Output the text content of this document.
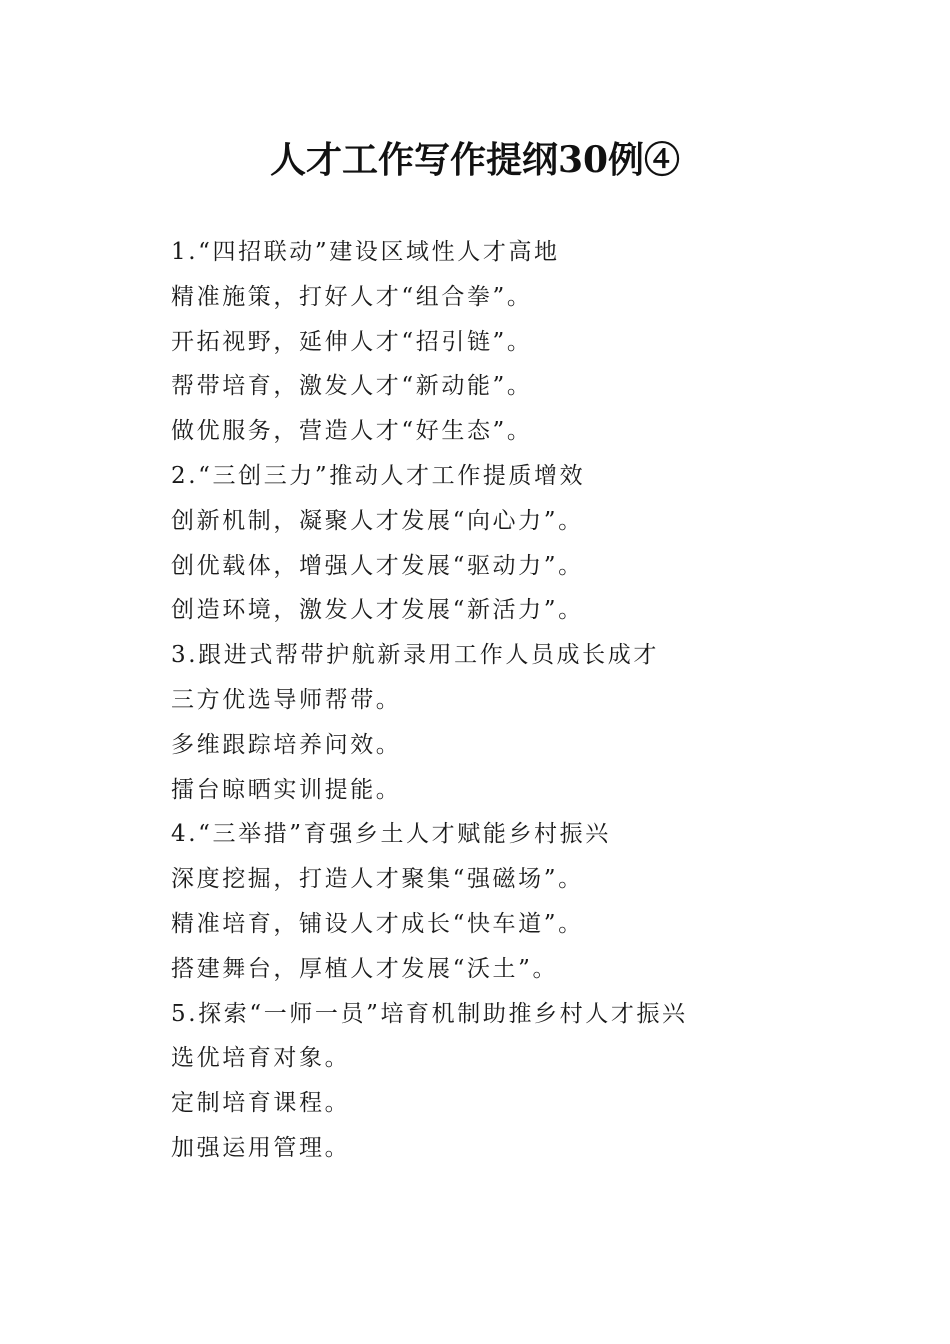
人才工作写作提纲30例④
1.“四招联动”建设区域性人才高地
精准施策，打好人才“组合拳”。
开拓视野，延伸人才“招引链”。
帮带培育，激发人才“新动能”。
做优服务，营造人才“好生态”。
2.“三创三力”推动人才工作提质增效
创新机制，凝聚人才发展“向心力”。
创优载体，增强人才发展“驱动力”。
创造环境，激发人才发展“新活力”。
3.跟进式帮带护航新录用工作人员成长成才
三方优选导师帮带。
多维跟踪培养问效。
擂台晾晒实训提能。
4.“三举措”育强乡土人才赋能乡村振兴
深度挖掘，打造人才聚集“强磁场”。
精准培育，铺设人才成长“快车道”。
搭建舞台，厚植人才发展“沃土”。
5.探索“一师一员”培育机制助推乡村人才振兴
选优培育对象。
定制培育课程。
加强运用管理。
